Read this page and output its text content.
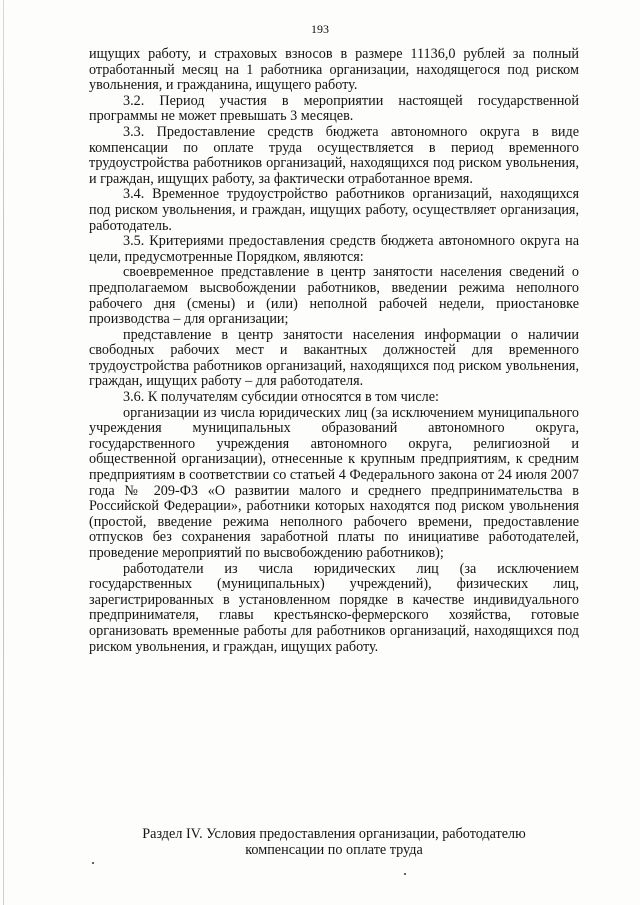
193

ищущих работу, и страховых взносов в размере 11136,0 рублей за полный отработанный месяц на 1 работника организации, находящегося под риском увольнения, и гражданина, ищущего работу.

3.2. Период участия в мероприятии настоящей государственной программы не может превышать 3 месяцев.

3.3. Предоставление средств бюджета автономного округа в виде компенсации по оплате труда осуществляется в период временного трудоустройства работников организаций, находящихся под риском увольнения, и граждан, ищущих работу, за фактически отработанное время.

3.4. Временное трудоустройство работников организаций, находящихся под риском увольнения, и граждан, ищущих работу, осуществляет организация, работодатель.

3.5. Критериями предоставления средств бюджета автономного округа на цели, предусмотренные Порядком, являются:

своевременное представление в центр занятости населения сведений о предполагаемом высвобождении работников, введении режима неполного рабочего дня (смены) и (или) неполной рабочей недели, приостановке производства – для организации;

представление в центр занятости населения информации о наличии свободных рабочих мест и вакантных должностей для временного трудоустройства работников организаций, находящихся под риском увольнения, граждан, ищущих работу – для работодателя.

3.6. К получателям субсидии относятся в том числе:

организации из числа юридических лиц (за исключением муниципального учреждения муниципальных образований автономного округа, государственного учреждения автономного округа, религиозной и общественной организации), отнесенные к крупным предприятиям, к средним предприятиям в соответствии со статьей 4 Федерального закона от 24 июля 2007 года № 209-ФЗ «О развитии малого и среднего предпринимательства в Российской Федерации», работники которых находятся под риском увольнения (простой, введение режима неполного рабочего времени, предоставление отпусков без сохранения заработной платы по инициативе работодателей, проведение мероприятий по высвобождению работников);

работодатели из числа юридических лиц (за исключением государственных (муниципальных) учреждений), физических лиц, зарегистрированных в установленном порядке в качестве индивидуального предпринимателя, главы крестьянско-фермерского хозяйства, готовые организовать временные работы для работников организаций, находящихся под риском увольнения, и граждан, ищущих работу.

Раздел IV. Условия предоставления организации, работодателю
компенсации по оплате труда
